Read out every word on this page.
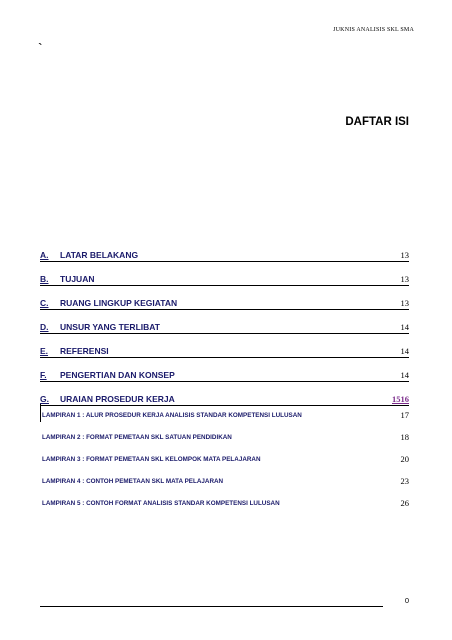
JUKNIS ANALISIS SKL SMA
`
DAFTAR ISI
A.	LATAR BELAKANG	13
B.	TUJUAN	13
C.	RUANG LINGKUP KEGIATAN	13
D.	UNSUR YANG TERLIBAT	14
E.	REFERENSI	14
F.	PENGERTIAN DAN KONSEP	14
G.	URAIAN PROSEDUR KERJA	1516
LAMPIRAN 1 : ALUR PROSEDUR KERJA ANALISIS STANDAR KOMPETENSI LULUSAN	17
LAMPIRAN 2 : FORMAT PEMETAAN SKL SATUAN PENDIDIKAN	18
LAMPIRAN 3 : FORMAT PEMETAAN SKL KELOMPOK MATA PELAJARAN	20
LAMPIRAN 4 : CONTOH PEMETAAN SKL MATA PELAJARAN	23
LAMPIRAN 5 : CONTOH FORMAT ANALISIS STANDAR KOMPETENSI LULUSAN	26
0
